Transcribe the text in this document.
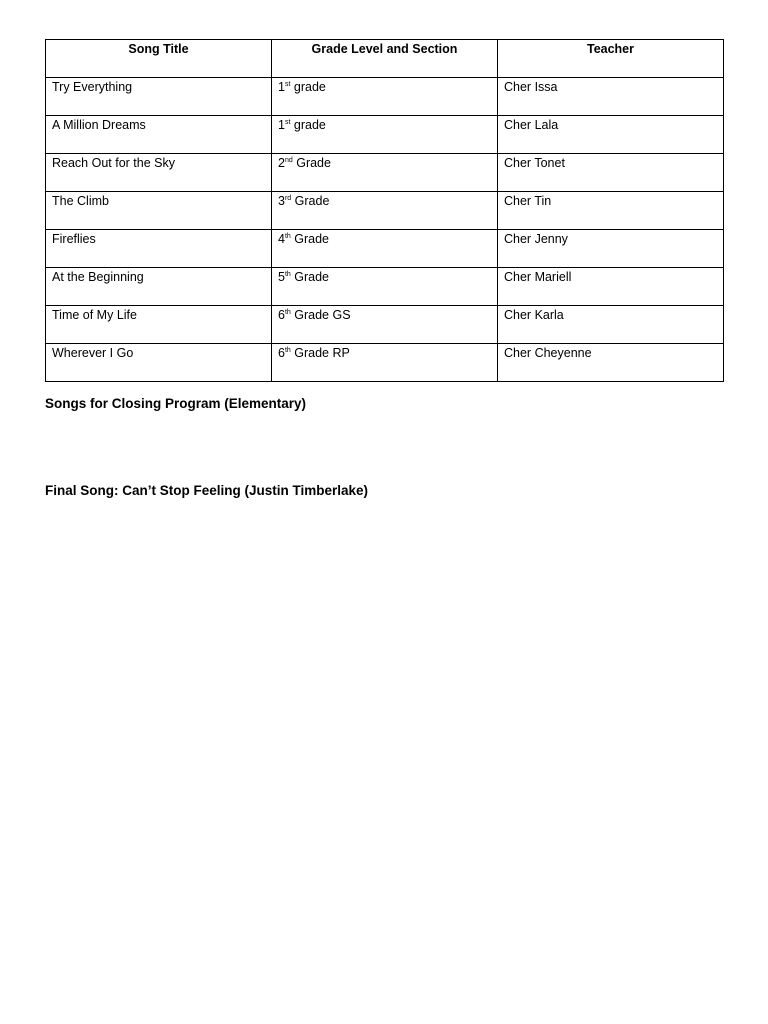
Song Title	Grade Level and Section	Teacher
Try Everything	1st grade	Cher Issa
A Million Dreams	1st grade	Cher Lala
Reach Out for the Sky	2nd Grade	Cher Tonet
The Climb	3rd Grade	Cher Tin
Fireflies	4th Grade	Cher Jenny
At the Beginning	5th Grade	Cher Mariell
Time of My Life	6th Grade GS	Cher Karla
Wherever I Go	6th Grade RP	Cher Cheyenne

Songs for Closing Program (Elementary)

Final Song: Can’t Stop Feeling (Justin Timberlake)
